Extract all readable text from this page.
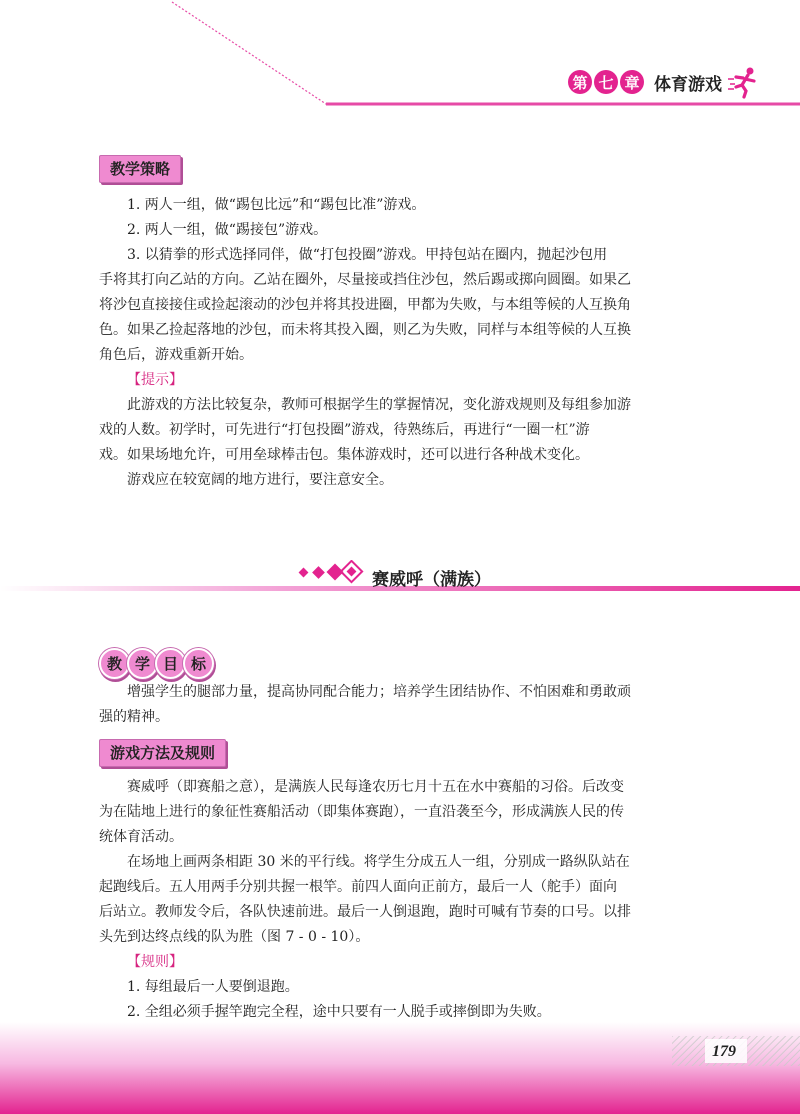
第 七 章 体育游戏
教学策略
1. 两人一组，做“踢包比远”和“踢包比准”游戏。
2. 两人一组，做“踢接包”游戏。
3. 以猜拳的形式选择同伴，做“打包投圈”游戏。甲持包站在圈内，抛起沙包用
手将其打向乙站的方向。乙站在圈外，尽量接或挡住沙包，然后踢或掷向圆圈。如果乙
将沙包直接接住或捡起滚动的沙包并将其投进圈，甲都为失败，与本组等候的人互换角
色。如果乙捡起落地的沙包，而未将其投入圈，则乙为失败，同样与本组等候的人互换
角色后，游戏重新开始。
【提示】
此游戏的方法比较复杂，教师可根据学生的掌握情况，变化游戏规则及每组参加游
戏的人数。初学时，可先进行“打包投圈”游戏，待熟练后，再进行“一圈一杠”游
戏。如果场地允许，可用垒球棒击包。集体游戏时，还可以进行各种战术变化。
游戏应在较宽阔的地方进行，要注意安全。
赛威呼（满族）
教 学 目 标
增强学生的腿部力量，提高协同配合能力；培养学生团结协作、不怕困难和勇敢顽
强的精神。
游戏方法及规则
赛威呼（即赛船之意），是满族人民每逢农历七月十五在水中赛船的习俗。后改变
为在陆地上进行的象征性赛船活动（即集体赛跑），一直沿袭至今，形成满族人民的传
统体育活动。
在场地上画两条相距 30 米的平行线。将学生分成五人一组，分别成一路纵队站在
起跑线后。五人用两手分别共握一根竿。前四人面向正前方，最后一人（舵手）面向
后站立。教师发令后，各队快速前进。最后一人倒退跑，跑时可喊有节奏的口号。以排
头先到达终点线的队为胜（图 7 - 0 - 10）。
【规则】
1. 每组最后一人要倒退跑。
2. 全组必须手握竿跑完全程，途中只要有一人脱手或摔倒即为失败。
179
